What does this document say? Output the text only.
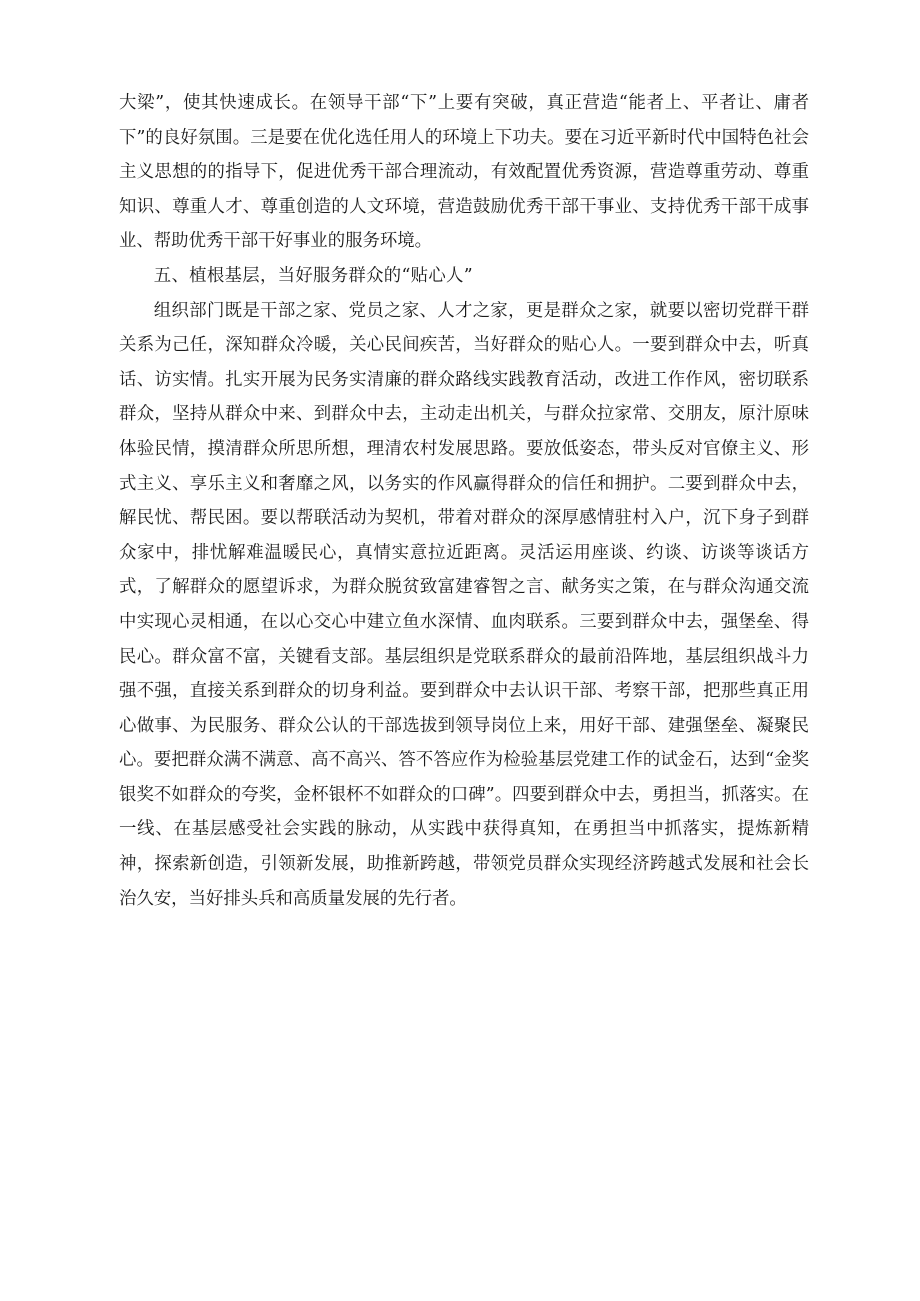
大梁”，使其快速成长。在领导干部“下”上要有突破，真正营造“能者上、平者让、庸者下”的良好氛围。三是要在优化选任用人的环境上下功夫。要在习近平新时代中国特色社会主义思想的的指导下，促进优秀干部合理流动，有效配置优秀资源，营造尊重劳动、尊重知识、尊重人才、尊重创造的人文环境，营造鼓励优秀干部干事业、支持优秀干部干成事业、帮助优秀干部干好事业的服务环境。

五、植根基层，当好服务群众的“贴心人”

组织部门既是干部之家、党员之家、人才之家，更是群众之家，就要以密切党群干群关系为己任，深知群众冷暖，关心民间疾苦，当好群众的贴心人。一要到群众中去，听真话、访实情。扎实开展为民务实清廉的群众路线实践教育活动，改进工作作风，密切联系群众，坚持从群众中来、到群众中去，主动走出机关，与群众拉家常、交朋友，原汁原味体验民情，摸清群众所思所想，理清农村发展思路。要放低姿态，带头反对官僚主义、形式主义、享乐主义和奢靡之风，以务实的作风赢得群众的信任和拥护。二要到群众中去，解民忧、帮民困。要以帮联活动为契机，带着对群众的深厚感情驻村入户，沉下身子到群众家中，排忧解难温暖民心，真情实意拉近距离。灵活运用座谈、约谈、访谈等谈话方式，了解群众的愿望诉求，为群众脱贫致富建睿智之言、献务实之策，在与群众沟通交流中实现心灵相通，在以心交心中建立鱼水深情、血肉联系。三要到群众中去，强堡垒、得民心。群众富不富，关键看支部。基层组织是党联系群众的最前沿阵地，基层组织战斗力强不强，直接关系到群众的切身利益。要到群众中去认识干部、考察干部，把那些真正用心做事、为民服务、群众公认的干部选拔到领导岗位上来，用好干部、建强堡垒、凝聚民心。要把群众满不满意、高不高兴、答不答应作为检验基层党建工作的试金石，达到“金奖银奖不如群众的夸奖，金杯银杯不如群众的口碑”。四要到群众中去，勇担当，抓落实。在一线、在基层感受社会实践的脉动，从实践中获得真知，在勇担当中抓落实，提炼新精神，探索新创造，引领新发展，助推新跨越，带领党员群众实现经济跨越式发展和社会长治久安，当好排头兵和高质量发展的先行者。
